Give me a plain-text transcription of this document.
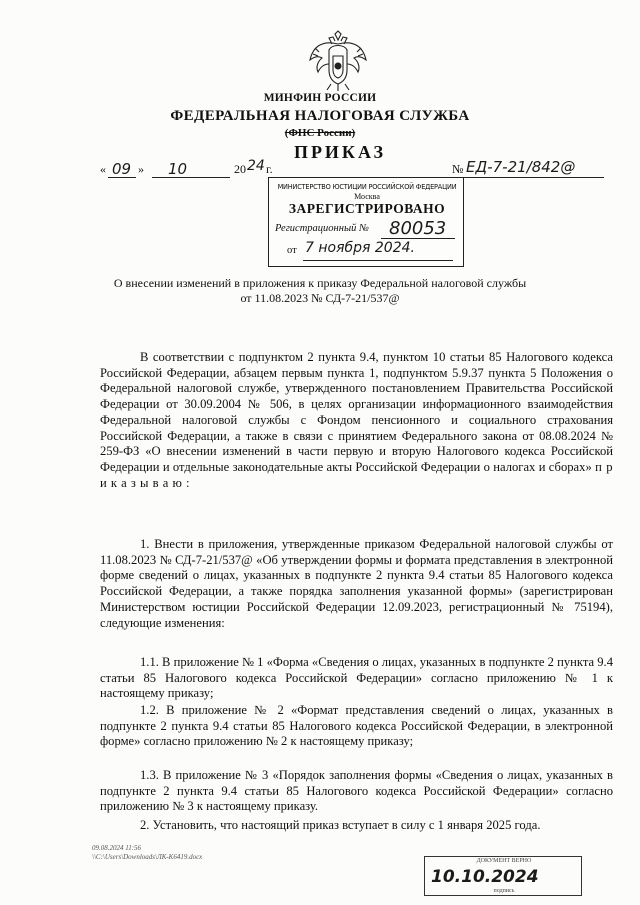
МИНФИН РОССИИ
ФЕДЕРАЛЬНАЯ НАЛОГОВАЯ СЛУЖБА
(ФНС России)
ПРИКАЗ
« 09 » 10	20 24 г.	№ ЕД-7-21/842@
МИНИСТЕРСТВО ЮСТИЦИИ РОССИЙСКОЙ ФЕДЕРАЦИИ
Москва
ЗАРЕГИСТРИРОВАНО
Регистрационный № 80053
от 7 ноября 2024.
О внесении изменений в приложения к приказу Федеральной налоговой службы
от 11.08.2023 № СД-7-21/537@

В соответствии с подпунктом 2 пункта 9.4, пунктом 10 статьи 85 Налогового кодекса Российской Федерации, абзацем первым пункта 1, подпунктом 5.9.37 пункта 5 Положения о Федеральной налоговой службе, утвержденного постановлением Правительства Российской Федерации от 30.09.2004 № 506, в целях организации информационного взаимодействия Федеральной налоговой службы с Фондом пенсионного и социального страхования Российской Федерации, а также в связи с принятием Федерального закона от 08.08.2024 № 259-ФЗ «О внесении изменений в части первую и вторую Налогового кодекса Российской Федерации и отдельные законодательные акты Российской Федерации о налогах и сборах» п р и к а з ы в а ю :

1. Внести в приложения, утвержденные приказом Федеральной налоговой службы от 11.08.2023 № СД-7-21/537@ «Об утверждении формы и формата представления в электронной форме сведений о лицах, указанных в подпункте 2 пункта 9.4 статьи 85 Налогового кодекса Российской Федерации, а также порядка заполнения указанной формы» (зарегистрирован Министерством юстиции Российской Федерации 12.09.2023, регистрационный № 75194), следующие изменения:

1.1. В приложение № 1 «Форма «Сведения о лицах, указанных в подпункте 2 пункта 9.4 статьи 85 Налогового кодекса Российской Федерации» согласно приложению № 1 к настоящему приказу;

1.2. В приложение № 2 «Формат представления сведений о лицах, указанных в подпункте 2 пункта 9.4 статьи 85 Налогового кодекса Российской Федерации, в электронной форме» согласно приложению № 2 к настоящему приказу;

1.3. В приложение № 3 «Порядок заполнения формы «Сведения о лицах, указанных в подпункте 2 пункта 9.4 статьи 85 Налогового кодекса Российской Федерации» согласно приложению № 3 к настоящему приказу.

2. Установить, что настоящий приказ вступает в силу с 1 января 2025 года.

09.08.2024 11:56
\\C:\Users\Downloads\ЛК-К6419.docx	ДОКУМЕНТ ВЕРНО
10.10.2024
подпись
